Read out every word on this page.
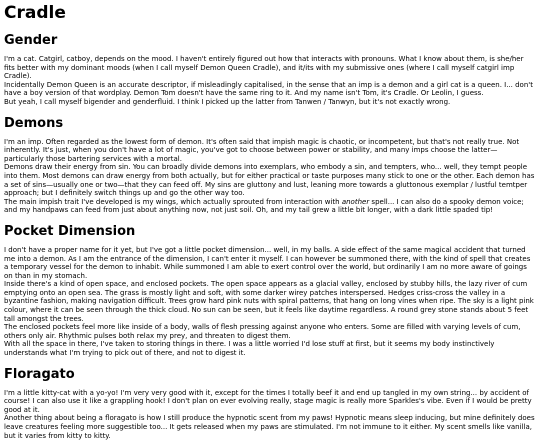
Cradle
Gender

I'm a cat. Catgirl, catboy, depends on the mood. I haven't entirely figured out how that interacts with pronouns. What I know about them, is she/her fits better with my dominant moods (when I call myself Demon Queen Cradle), and it/its with my submissive ones (where I call myself catgirl imp Cradle).
Incidentally Demon Queen is an accurate descriptor, if misleadingly capitalised, in the sense that an imp is a demon and a girl cat is a queen. I... don't have a boy version of that wordplay. Demon Tom doesn't have the same ring to it. And my name isn't Tom, it's Cradle. Or Leolin, I guess.
But yeah, I call myself bigender and genderfluid. I think I picked up the latter from Tanwen / Tanwyn, but it's not exactly wrong.

Demons

I'm an imp. Often regarded as the lowest form of demon. It's often said that impish magic is chaotic, or incompetent, but that's not really true. Not inherently. It's just, when you don't have a lot of magic, you've got to choose between power or stability, and many imps choose the latter—particularly those bartering services with a mortal.
Demons draw their energy from sin. You can broadly divide demons into exemplars, who embody a sin, and tempters, who... well, they tempt people into them. Most demons can draw energy from both actually, but for either practical or taste purposes many stick to one or the other. Each demon has a set of sins—usually one or two—that they can feed off. My sins are gluttony and lust, leaning more towards a gluttonous exemplar / lustful temtper approach; but I definitely switch things up and go the other way too.
The main impish trait I've developed is my wings, which actually sprouted from interaction with another spell... I can also do a spooky demon voice; and my handpaws can feed from just about anything now, not just soil. Oh, and my tail grew a little bit longer, with a dark little spaded tip!

Pocket Dimension

I don't have a proper name for it yet, but I've got a little pocket dimension... well, in my balls. A side effect of the same magical accident that turned me into a demon. As I am the entrance of the dimension, I can't enter it myself. I can however be summoned there, with the kind of spell that creates a temporary vessel for the demon to inhabit. While summoned I am able to exert control over the world, but ordinarily I am no more aware of goings on than in my stomach.
Inside there's a kind of open space, and enclosed pockets. The open space appears as a glacial valley, enclosed by stubby hills, the lazy river of cum emptying onto an open sea. The grass is mostly light and soft, with some darker wirey patches interspersed. Hedges criss-cross the valley in a byzantine fashion, making navigation difficult. Trees grow hard pink nuts with spiral patterns, that hang on long vines when ripe. The sky is a light pink colour, where it can be seen through the thick cloud. No sun can be seen, but it feels like daytime regardless. A round grey stone stands about 5 feet tall amongst the trees.
The enclosed pockets feel more like inside of a body, walls of flesh pressing against anyone who enters. Some are filled with varying levels of cum, others only air. Rhythmic pulses both relax my prey, and threaten to digest them.
With all the space in there, I've taken to storing things in there. I was a little worried I'd lose stuff at first, but it seems my body instinctively understands what I'm trying to pick out of there, and not to digest it.

Floragato

I'm a little kitty-cat with a yo-yo! I'm very very good with it, except for the times I totally beef it and end up tangled in my own string... by accident of course! I can also use it like a grappling hook! I don't plan on ever evolving really, stage magic is really more Sparkles's vibe. Even if I would be pretty good at it.
Another thing about being a floragato is how I still produce the hypnotic scent from my paws! Hypnotic means sleep inducing, but mine definitely does leave creatures feeling more suggestible too... It gets released when my paws are stimulated. I'm not immune to it either. My scent smells like vanilla, but it varies from kitty to kitty.
